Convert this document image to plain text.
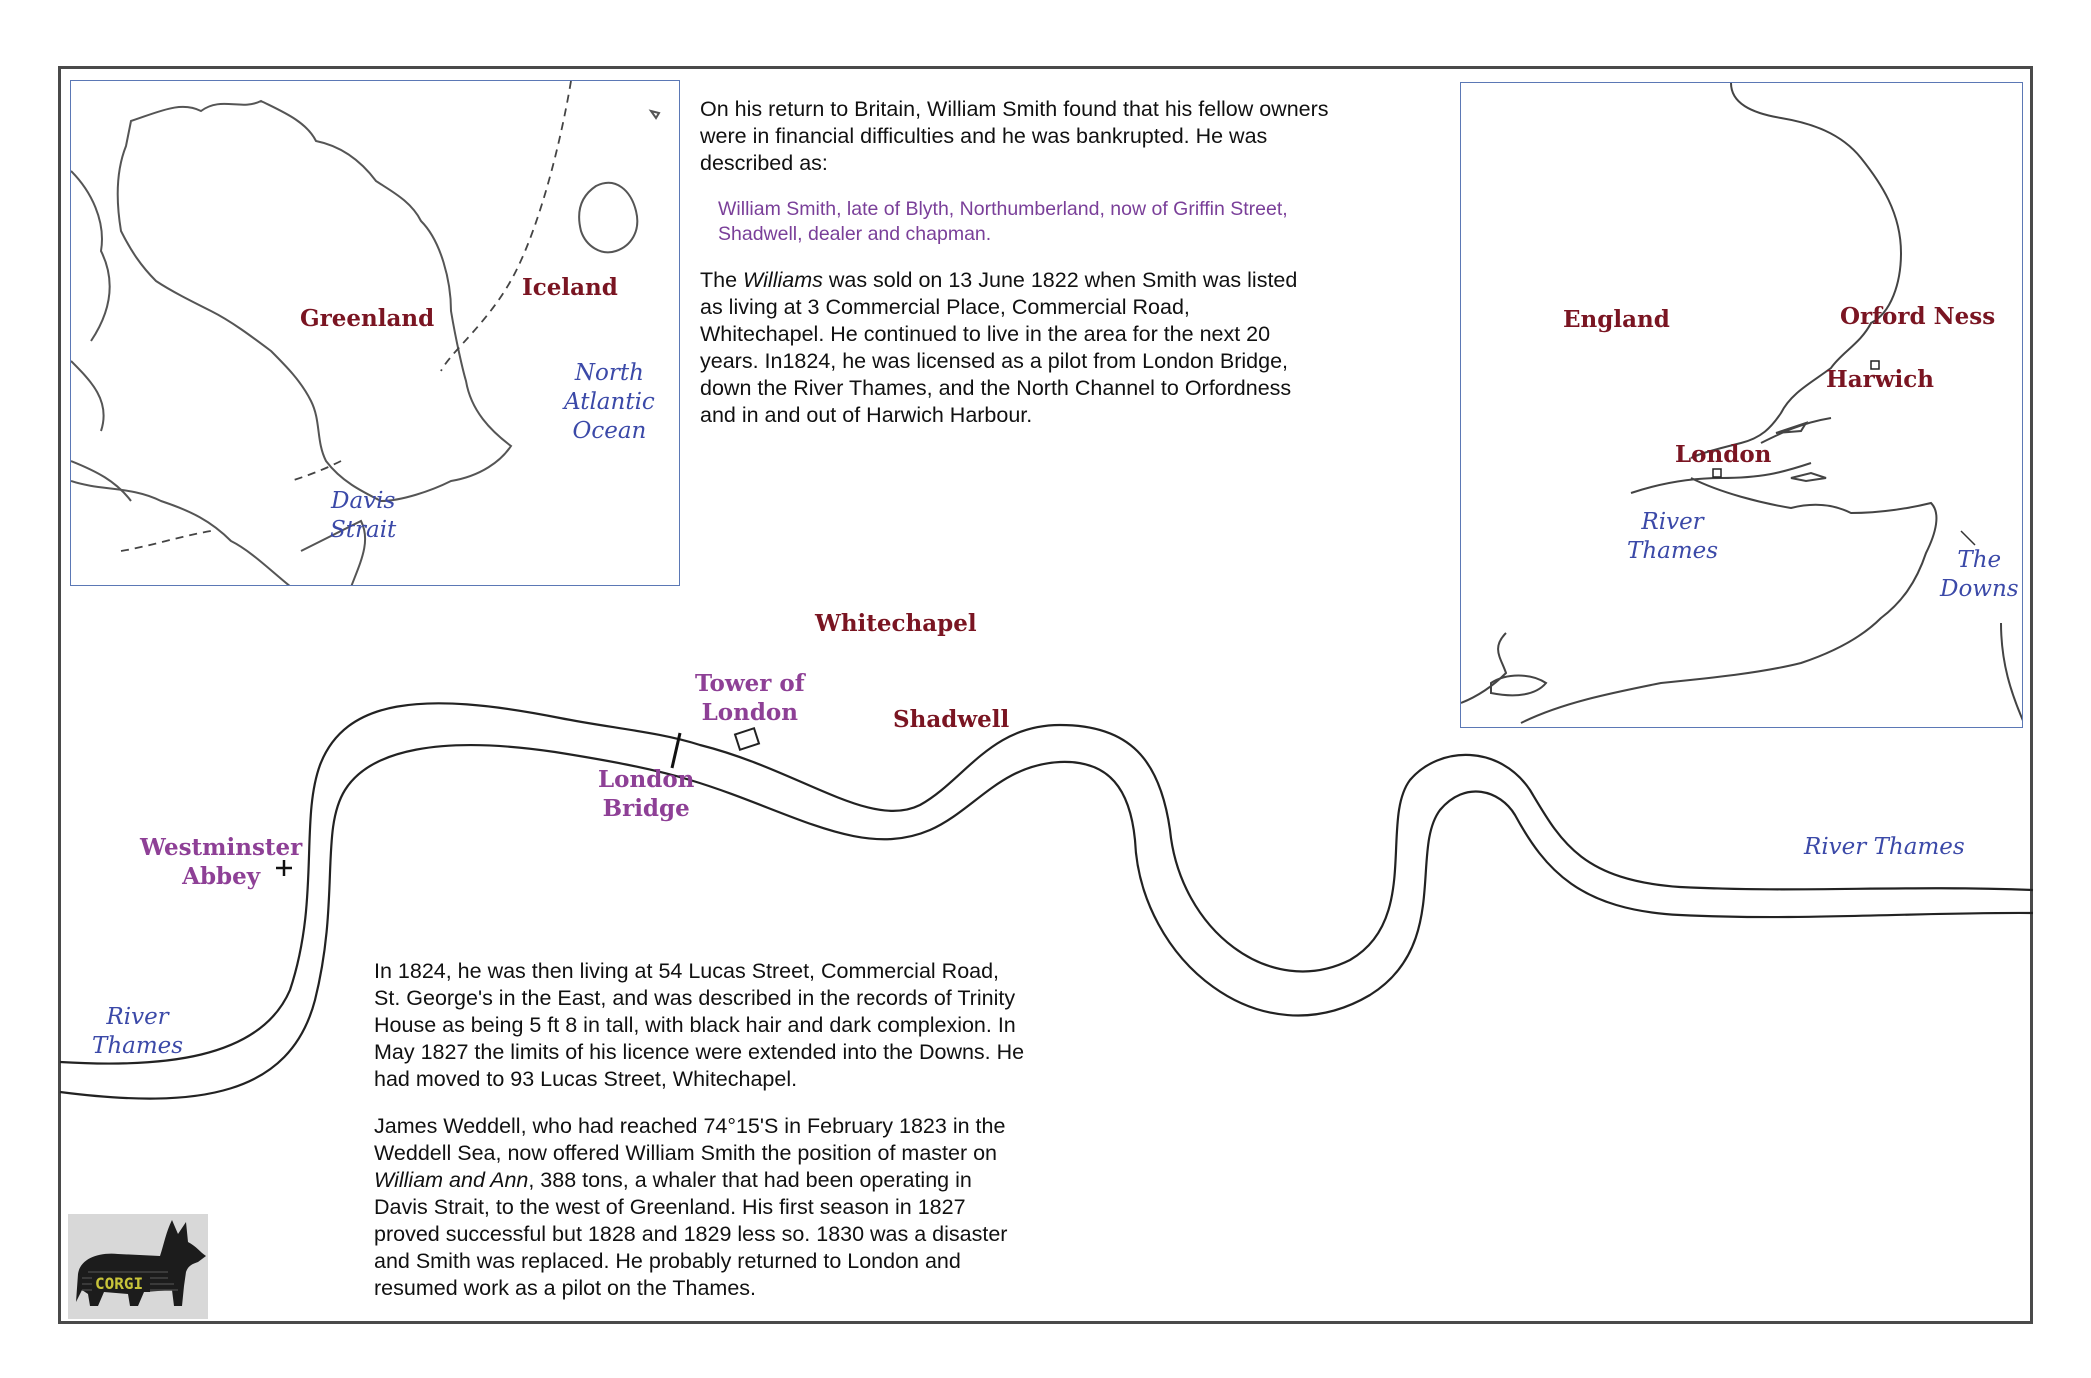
Whitechapel
Tower of
London	Shadwell
London
Bridge
Westminster
Abbey
River
Thames
River Thames
Greenland
Iceland
North
Atlantic
Ocean
Davis
Strait
England	Orford Ness
Harwich
London
River
Thames	The
Downs

On his return to Britain, William Smith found that his fellow owners
were in financial difficulties and he was bankrupted. He was
described as:

William Smith, late of Blyth, Northumberland, now of Griffin Street,
Shadwell, dealer and chapman.

The Williams was sold on 13 June 1822 when Smith was listed
as living at 3 Commercial Place, Commercial Road,
Whitechapel. He continued to live in the area for the next 20
years. In1824, he was licensed as a pilot from London Bridge,
down the River Thames, and the North Channel to Orfordness
and in and out of Harwich Harbour.

In 1824, he was then living at 54 Lucas Street, Commercial Road,
St. George's in the East, and was described in the records of Trinity
House as being 5 ft 8 in tall, with black hair and dark complexion. In
May 1827 the limits of his licence were extended into the Downs. He
had moved to 93 Lucas Street, Whitechapel.

James Weddell, who had reached 74°15'S in February 1823 in the
Weddell Sea, now offered William Smith the position of master on
William and Ann, 388 tons, a whaler that had been operating in
Davis Strait, to the west of Greenland. His first season in 1827
proved successful but 1828 and 1829 less so. 1830 was a disaster
and Smith was replaced. He probably returned to London and
resumed work as a pilot on the Thames.

CORGI
